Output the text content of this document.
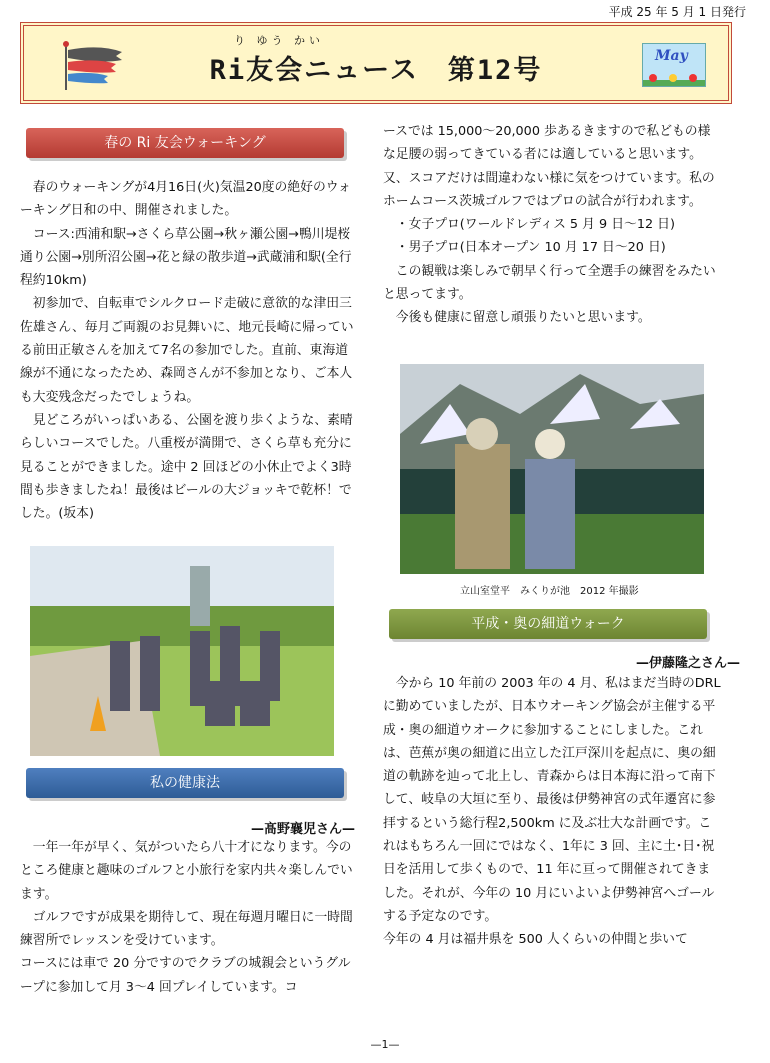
平成 25 年 5 月 1 日発行
り ゆう かい
Ri友会ニュース　第12号	May
春の Ri 友会ウォーキング

　春のウォーキングが4月16日(火)気温20度の絶好のウォーキング日和の中、開催されました。

　コース:西浦和駅→さくら草公園→秋ヶ瀬公園→鴨川堤桜通り公園→別所沼公園→花と緑の散歩道→武蔵浦和駅(全行程約10km)

　初参加で、自転車でシルクロード走破に意欲的な津田三佐雄さん、毎月ご両親のお見舞いに、地元長崎に帰っている前田正敏さんを加えて7名の参加でした。直前、東海道線が不通になったため、森岡さんが不参加となり、ご本人も大変残念だったでしょうね。

　見どころがいっぱいある、公園を渡り歩くような、素晴らしいコースでした。八重桜が満開で、さくら草も充分に見ることができました。途中 2 回ほどの小休止でよく3時間も歩きましたね！最後はビールの大ジョッキで乾杯！でした。(坂本)

私の健康法
—髙野襄児さん—

　一年一年が早く、気がついたら八十才になります。今のところ健康と趣味のゴルフと小旅行を家内共々楽しんでいます。

　ゴルフですが成果を期待して、現在毎週月曜日に一時間練習所でレッスンを受けています。

コースには車で 20 分ですのでクラブの城親会というグループに参加して月 3～4 回プレイしています。コ

ースでは 15,000～20,000 歩あるきますので私どもの様な足腰の弱ってきている者には適していると思います。又、スコアだけは間違わない様に気をつけています。私のホームコース茨城ゴルフではプロの試合が行われます。

　・女子プロ(ワールドレディス 5 月 9 日～12 日)

　・男子プロ(日本オープン 10 月 17 日～20 日)

　この観戦は楽しみで朝早く行って全選手の練習をみたいと思ってます。

　今後も健康に留意し頑張りたいと思います。

立山室堂平　みくりが池　2012 年撮影
平成・奥の細道ウォーク
—伊藤隆之さん—

　今から 10 年前の 2003 年の 4 月、私はまだ当時のDRL に勤めていましたが、日本ウオーキング協会が主催する平成・奥の細道ウオークに参加することにしました。これは、芭蕉が奥の細道に出立した江戸深川を起点に、奥の細道の軌跡を辿って北上し、青森からは日本海に沿って南下して、岐阜の大垣に至り、最後は伊勢神宮の式年遷宮に参拝するという総行程2,500km に及ぶ壮大な計画です。これはもちろん一回にではなく、1年に 3 回、主に土･日･祝日を活用して歩くもので、11 年に亘って開催されてきました。それが、今年の 10 月にいよいよ伊勢神宮へゴールする予定なのです。

今年の 4 月は福井県を 500 人くらいの仲間と歩いて

—1—
